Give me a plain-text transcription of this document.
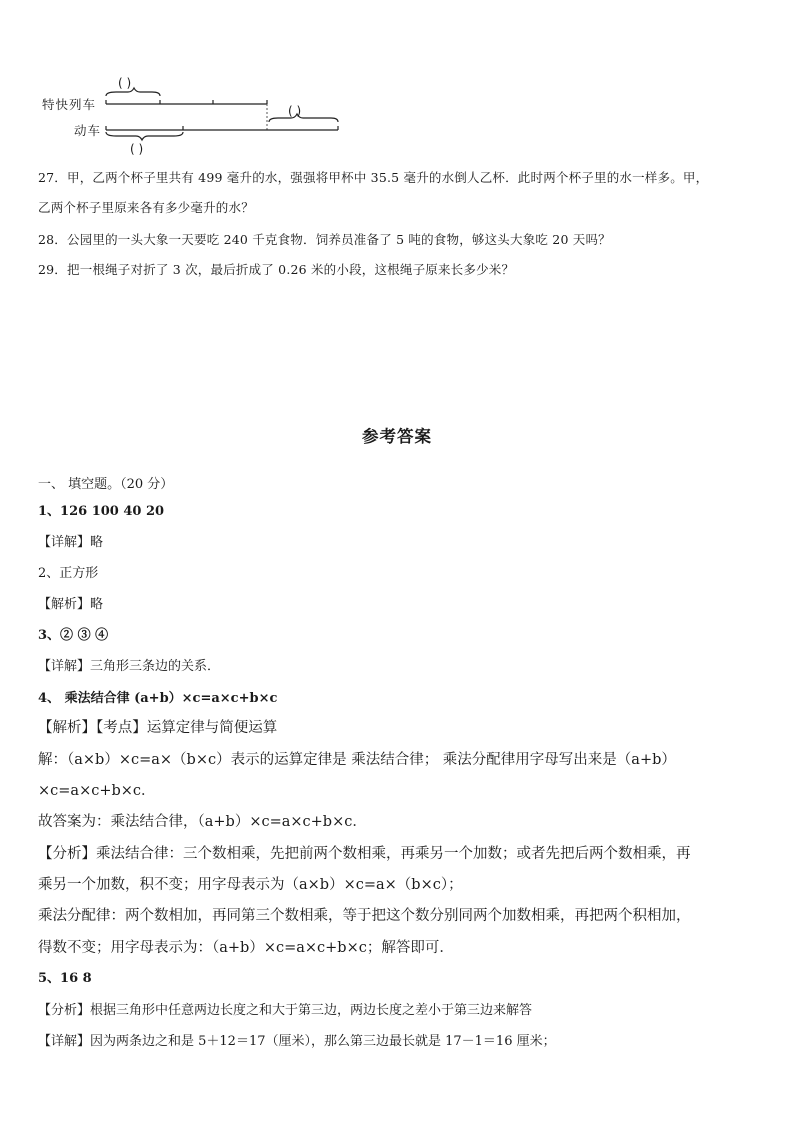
( )
( )
( )
特快列车
动车
27．甲，乙两个杯子里共有 499 毫升的水，强强将甲杯中 35.5 毫升的水倒人乙杯．此时两个杯子里的水一样多。甲，
乙两个杯子里原来各有多少毫升的水？
28．公园里的一头大象一天要吃 240 千克食物．饲养员准备了 5 吨的食物，够这头大象吃 20 天吗？
29．把一根绳子对折了 3 次，最后折成了 0.26 米的小段，这根绳子原来长多少米？
参考答案
一、 填空题。（20 分）
1、126 100 40 20
【详解】略
2、正方形
【解析】略
3、② ③ ④
【详解】三角形三条边的关系．
4、 乘法结合律 (a+b）×c=a×c+b×c
【解析】【考点】运算定律与简便运算
解：（a×b）×c=a×（b×c）表示的运算定律是 乘法结合律； 乘法分配律用字母写出来是（a+b）
×c=a×c+b×c．
故答案为：乘法结合律，（a+b）×c=a×c+b×c．
【分析】乘法结合律：三个数相乘，先把前两个数相乘，再乘另一个加数；或者先把后两个数相乘，再
乘另一个加数，积不变；用字母表示为（a×b）×c=a×（b×c）；
乘法分配律：两个数相加，再同第三个数相乘，等于把这个数分别同两个加数相乘，再把两个积相加，
得数不变；用字母表示为：（a+b）×c=a×c+b×c；解答即可．
5、16 8
【分析】根据三角形中任意两边长度之和大于第三边，两边长度之差小于第三边来解答
【详解】因为两条边之和是 5＋12＝17（厘米），那么第三边最长就是 17－1＝16 厘米；
